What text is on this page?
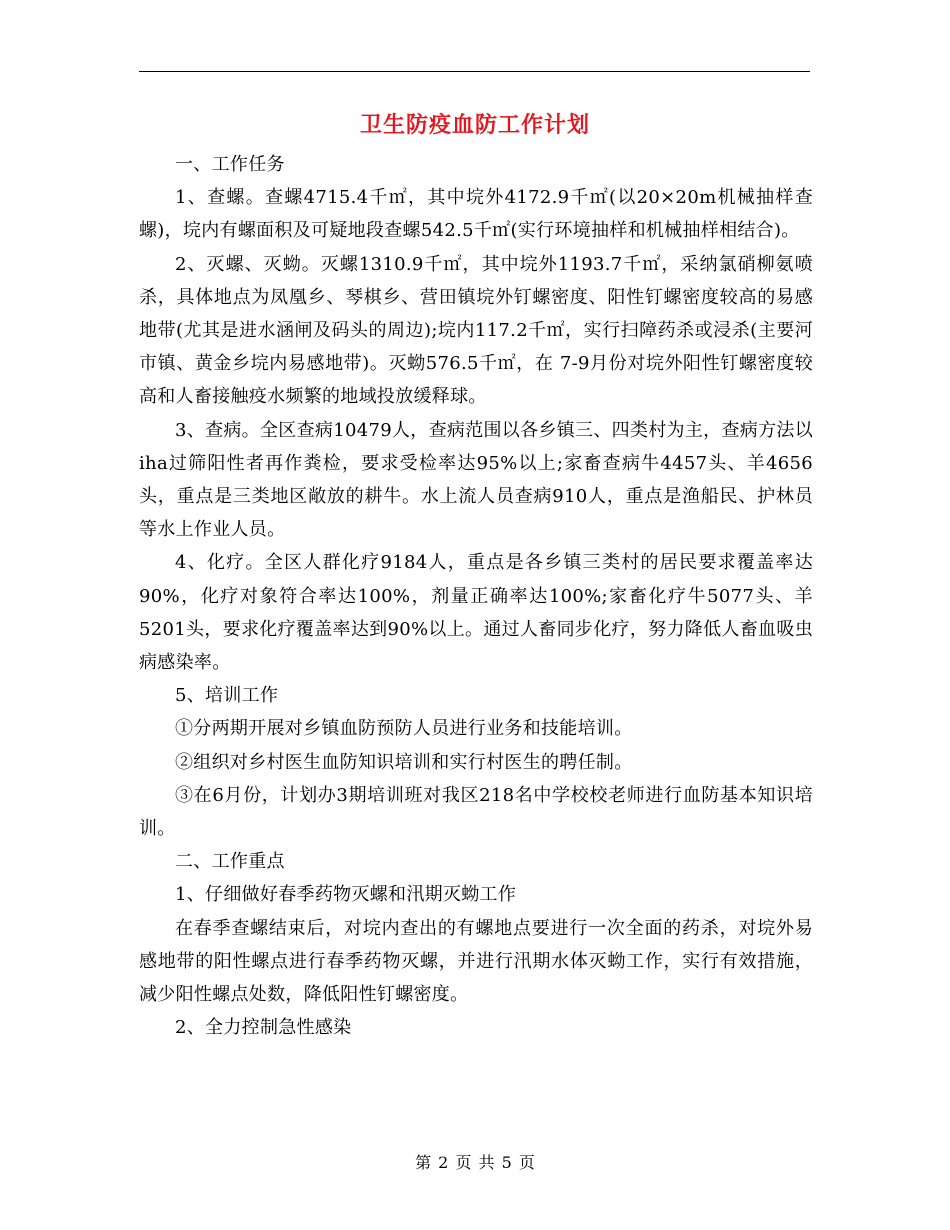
卫生防疫血防工作计划

一、工作任务

1、查螺。查螺4715.4千㎡，其中垸外4172.9千㎡(以20×20m机械抽样查螺)，垸内有螺面积及可疑地段查螺542.5千㎡(实行环境抽样和机械抽样相结合)。

2、灭螺、灭蚴。灭螺1310.9千㎡，其中垸外1193.7千㎡，采纳氯硝柳氨喷杀，具体地点为凤凰乡、琴棋乡、营田镇垸外钉螺密度、阳性钉螺密度较高的易感地带(尤其是进水涵闸及码头的周边);垸内117.2千㎡，实行扫障药杀或浸杀(主要河市镇、黄金乡垸内易感地带)。灭蚴576.5千㎡，在 7-9月份对垸外阳性钉螺密度较高和人畜接触疫水频繁的地域投放缓释球。

3、查病。全区查病10479人，查病范围以各乡镇三、四类村为主，查病方法以iha过筛阳性者再作粪检，要求受检率达95%以上;家畜查病牛4457头、羊4656头，重点是三类地区敞放的耕牛。水上流人员查病910人，重点是渔船民、护林员等水上作业人员。

4、化疗。全区人群化疗9184人，重点是各乡镇三类村的居民要求覆盖率达90%，化疗对象符合率达100%，剂量正确率达100%;家畜化疗牛5077头、羊5201头，要求化疗覆盖率达到90%以上。通过人畜同步化疗，努力降低人畜血吸虫病感染率。

5、培训工作

①分两期开展对乡镇血防预防人员进行业务和技能培训。

②组织对乡村医生血防知识培训和实行村医生的聘任制。

③在6月份，计划办3期培训班对我区218名中学校校老师进行血防基本知识培训。

二、工作重点

1、仔细做好春季药物灭螺和汛期灭蚴工作

在春季查螺结束后，对垸内查出的有螺地点要进行一次全面的药杀，对垸外易感地带的阳性螺点进行春季药物灭螺，并进行汛期水体灭蚴工作，实行有效措施，减少阳性螺点处数，降低阳性钉螺密度。

2、全力控制急性感染

第 2 页 共 5 页
